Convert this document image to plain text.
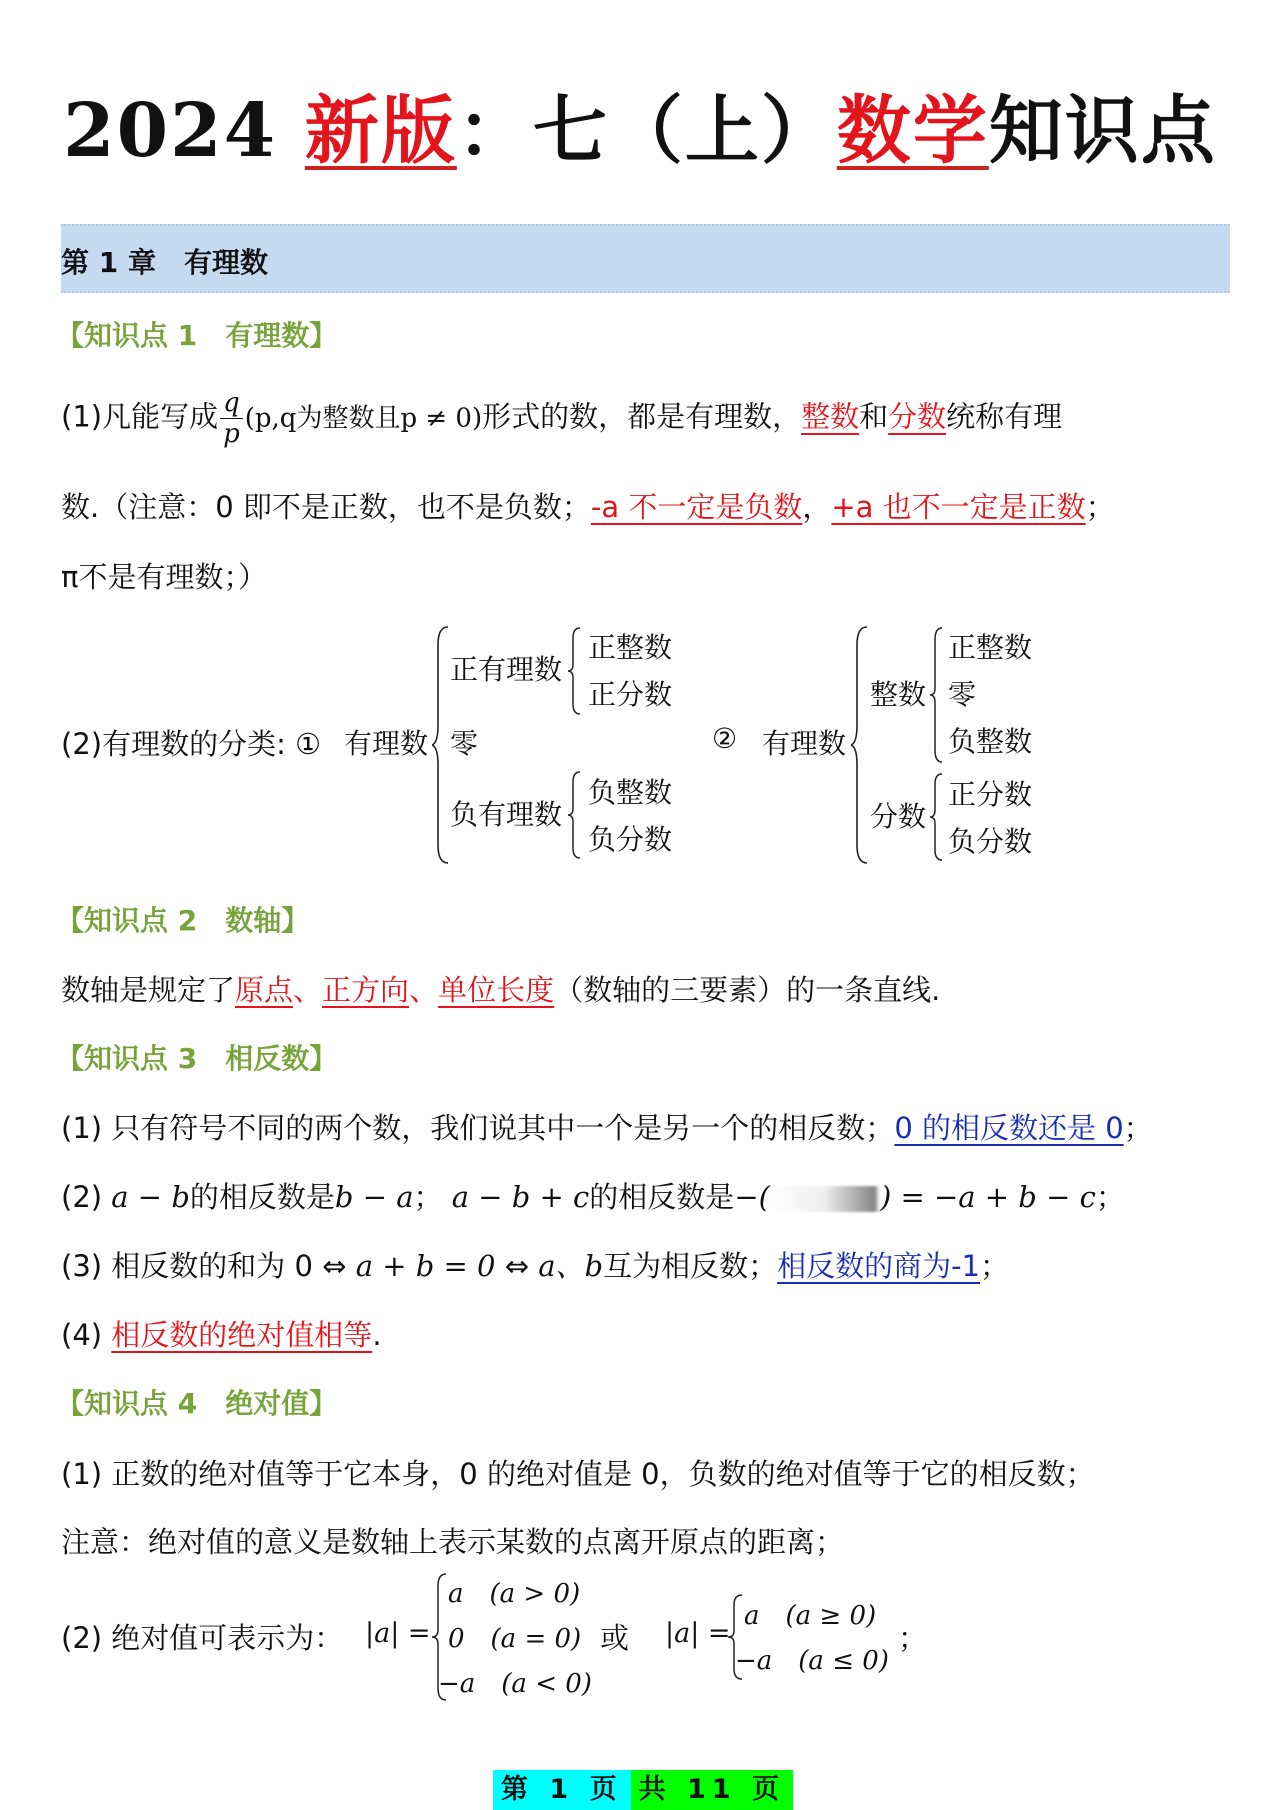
2024 新版：七（上）数学知识点
第 1 章　有理数
【知识点 1　有理数】
(1)凡能写成 $\frac{q}{p} (p,q$为整数且p ≠ 0)形式的数，都是有理数，整数和分数统称有理
数.（注意：0 即不是正数，也不是负数；-a 不一定是负数，+a 也不一定是正数；
π不是有理数；）
(2)有理数的分类: ① 有理数
正有理数
正整数
正分数
零
负有理数
负整数
负分数
② 有理数
整数
正整数
零
负整数
分数
正分数
负分数
【知识点 2　数轴】
数轴是规定了原点、正方向、单位长度（数轴的三要素）的一条直线.
【知识点 3　相反数】
(1) 只有符号不同的两个数，我们说其中一个是另一个的相反数；0 的相反数还是 0；
(2) a − b的相反数是b − a； a − b + c的相反数是−(	) = −a + b − c；
(3) 相反数的和为 0 ⇔ a + b = 0 ⇔ a、b互为相反数；相反数的商为-1；
(4) 相反数的绝对值相等.
【知识点 4　绝对值】
(1) 正数的绝对值等于它本身，0 的绝对值是 0，负数的绝对值等于它的相反数；
注意：绝对值的意义是数轴上表示某数的点离开原点的距离；
(2) 绝对值可表示为： |a| =
a　(a > 0)
0　(a = 0)
−a　(a < 0)
或 |a| =
a　(a ≥ 0)
−a　(a ≤ 0)
；
第 1 页 共 11 页
